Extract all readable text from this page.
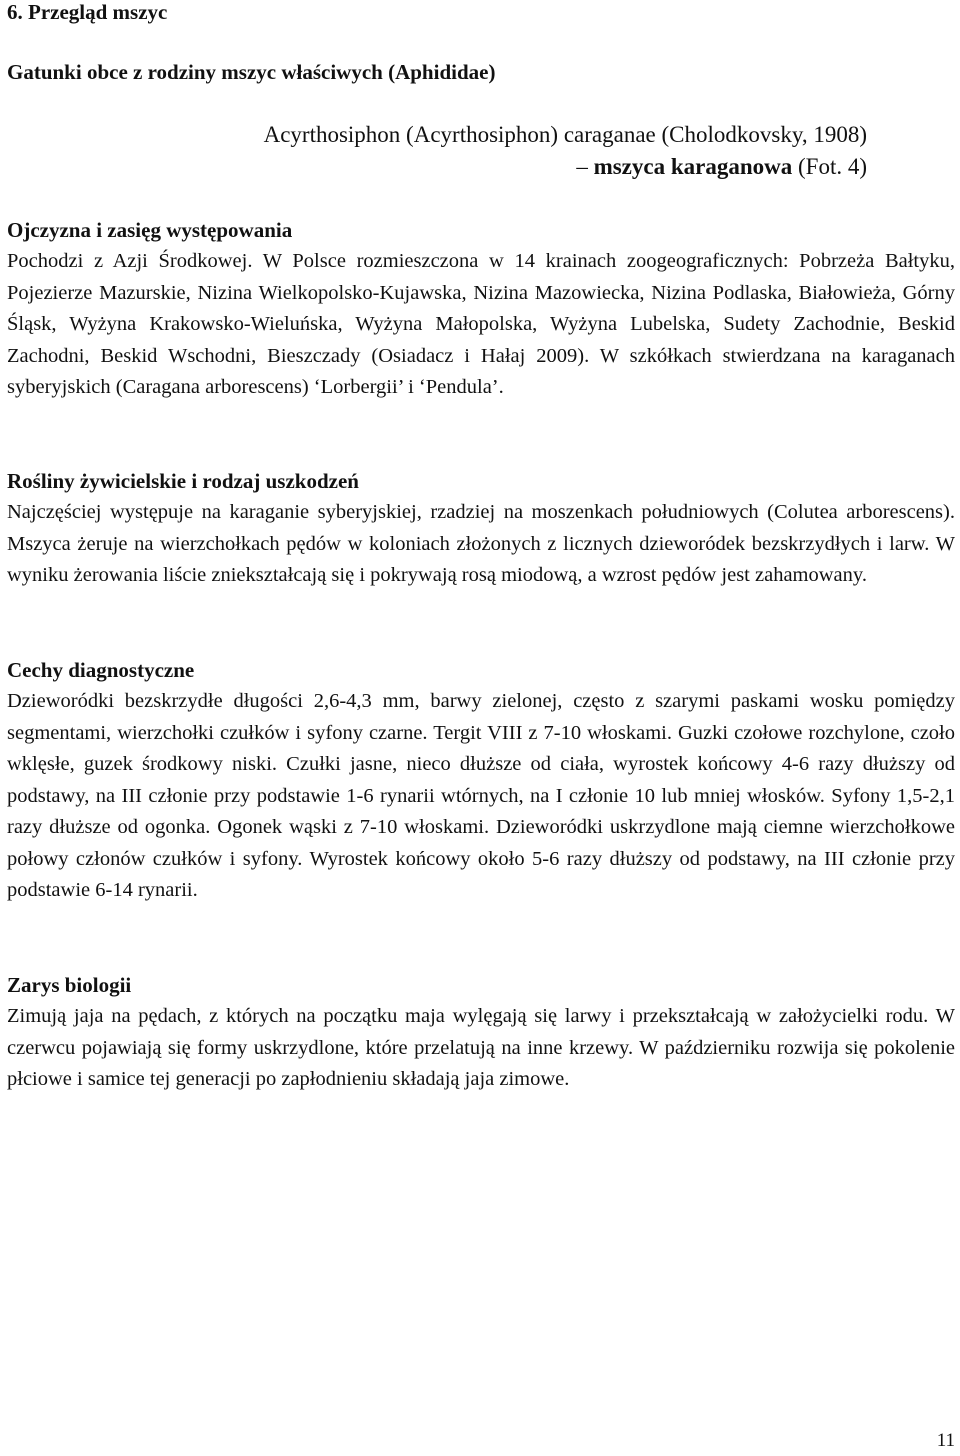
6. Przegląd mszyc
Gatunki obce z rodziny mszyc właściwych (Aphididae)
Acyrthosiphon (Acyrthosiphon) caraganae (Cholodkovsky, 1908)
– mszyca karaganowa (Fot. 4)
Ojczyzna i zasięg występowania

Pochodzi z Azji Środkowej. W Polsce rozmieszczona w 14 krainach zoogeograficznych: Pobrzeża Bałtyku, Pojezierze Mazurskie, Nizina Wielkopolsko-Kujawska, Nizina Mazowiecka, Nizina Podlaska, Białowieża, Górny Śląsk, Wyżyna Krakowsko-Wieluńska, Wyżyna Małopolska, Wyżyna Lubelska, Sudety Zachodnie, Beskid Zachodni, Beskid Wschodni, Bieszczady (Osiadacz i Hałaj 2009). W szkółkach stwierdzana na karaganach syberyjskich (Caragana arborescens) ‘Lorbergii’ i ‘Pendula’.

Rośliny żywicielskie i rodzaj uszkodzeń

Najczęściej występuje na karaganie syberyjskiej, rzadziej na moszenkach południowych (Colutea arborescens). Mszyca żeruje na wierzchołkach pędów w koloniach złożonych z licznych dzieworódek bezskrzydłych i larw. W wyniku żerowania liście zniekształcają się i pokrywają rosą miodową, a wzrost pędów jest zahamowany.

Cechy diagnostyczne

Dzieworódki bezskrzydłe długości 2,6-4,3 mm, barwy zielonej, często z szarymi paskami wosku pomiędzy segmentami, wierzchołki czułków i syfony czarne. Tergit VIII z 7-10 włoskami. Guzki czołowe rozchylone, czoło wklęsłe, guzek środkowy niski. Czułki jasne, nieco dłuższe od ciała, wyrostek końcowy 4-6 razy dłuższy od podstawy, na III członie przy podstawie 1-6 rynarii wtórnych, na I członie 10 lub mniej włosków. Syfony 1,5-2,1 razy dłuższe od ogonka. Ogonek wąski z 7-10 włoskami. Dzieworódki uskrzydlone mają ciemne wierzchołkowe połowy członów czułków i syfony. Wyrostek końcowy około 5-6 razy dłuższy od podstawy, na III członie przy podstawie 6-14 rynarii.

Zarys biologii

Zimują jaja na pędach, z których na początku maja wylęgają się larwy i przekształcają w założycielki rodu. W czerwcu pojawiają się formy uskrzydlone, które przelatują na inne krzewy. W październiku rozwija się pokolenie płciowe i samice tej generacji po zapłodnieniu składają jaja zimowe.

11
